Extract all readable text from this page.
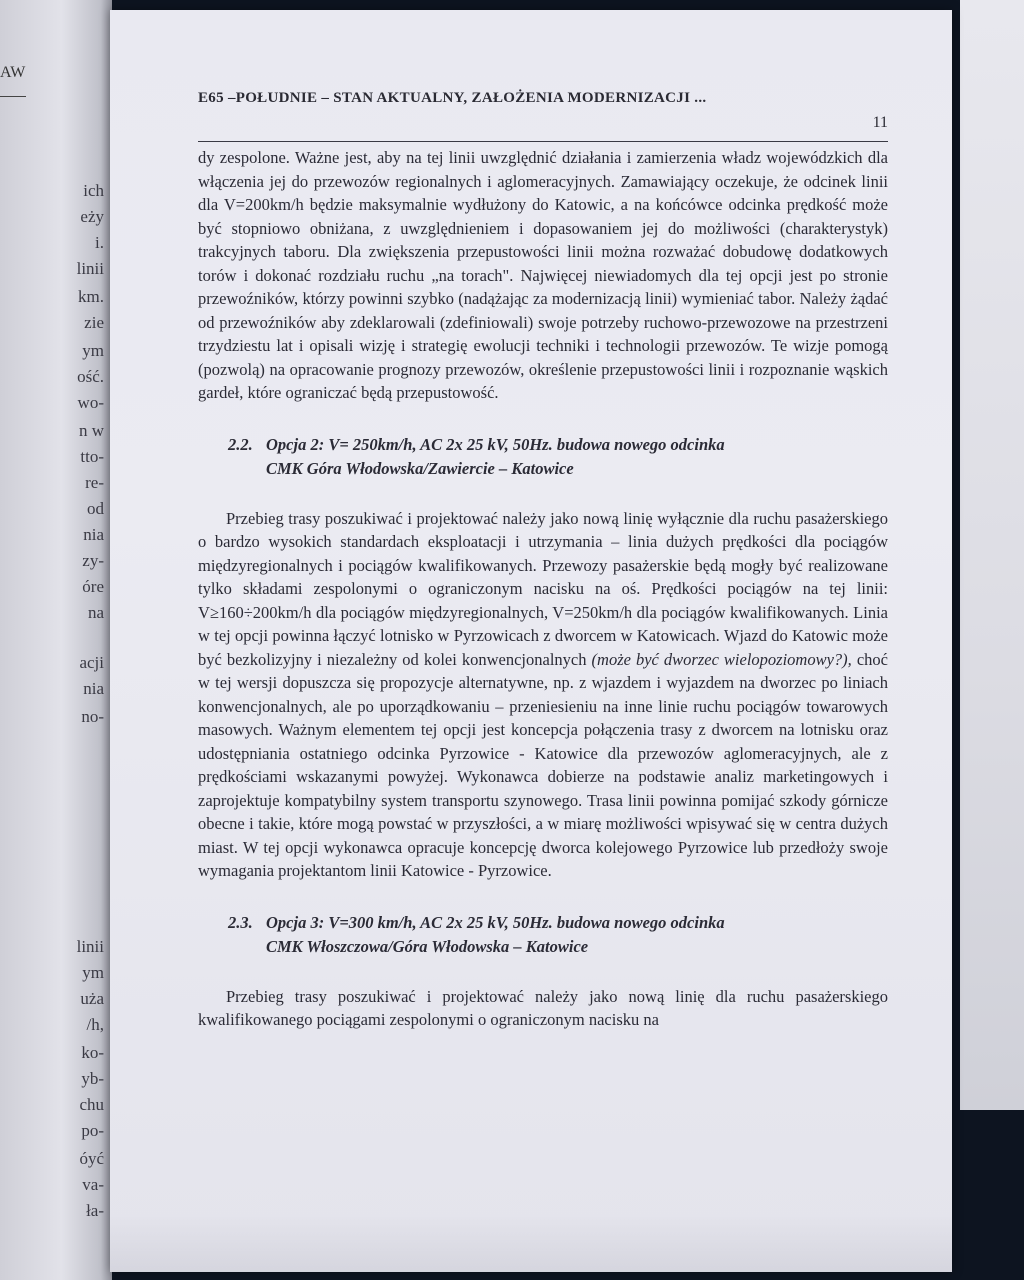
AW
ich
eży
i.
linii
km.
zie
ym
ość.
wo-
n w
tto-
re-
od
nia
zy-
óre
na
acji
nia
no-
linii
ym
uża
/h,
ko-
yb-
chu
po-
óyć
va-
ła-
E65 –POŁUDNIE – STAN AKTUALNY, ZAŁOŻENIA MODERNIZACJI ...
11

dy zespolone. Ważne jest, aby na tej linii uwzględnić działania i zamierzenia władz wojewódzkich dla włączenia jej do przewozów regionalnych i aglomeracyjnych. Zamawiający oczekuje, że odcinek linii dla V=200km/h będzie maksymalnie wydłużony do Katowic, a na końcówce odcinka prędkość może być stopniowo obniżana, z uwzględnieniem i dopasowaniem jej do możliwości (charakterystyk) trakcyjnych taboru. Dla zwiększenia przepustowości linii można rozważać dobudowę dodatkowych torów i dokonać rozdziału ruchu „na torach". Najwięcej niewiadomych dla tej opcji jest po stronie przewoźników, którzy powinni szybko (nadążając za modernizacją linii) wymieniać tabor. Należy żądać od przewoźników aby zdeklarowali (zdefiniowali) swoje potrzeby ruchowo-przewozowe na przestrzeni trzydziestu lat i opisali wizję i strategię ewolucji techniki i technologii przewozów. Te wizje pomogą (pozwolą) na opracowanie prognozy przewozów, określenie przepustowości linii i rozpoznanie wąskich gardeł, które ograniczać będą przepustowość.

2.2. Opcja 2: V= 250km/h, AC 2x 25 kV, 50Hz. budowa nowego odcinka
CMK Góra Włodowska/Zawiercie – Katowice

Przebieg trasy poszukiwać i projektować należy jako nową linię wyłącznie dla ruchu pasażerskiego o bardzo wysokich standardach eksploatacji i utrzymania – linia dużych prędkości dla pociągów międzyregionalnych i pociągów kwalifikowanych. Przewozy pasażerskie będą mogły być realizowane tylko składami zespolonymi o ograniczonym nacisku na oś. Prędkości pociągów na tej linii: V≥160÷200km/h dla pociągów międzyregionalnych, V=250km/h dla pociągów kwalifikowanych. Linia w tej opcji powinna łączyć lotnisko w Pyrzowicach z dworcem w Katowicach. Wjazd do Katowic może być bezkolizyjny i niezależny od kolei konwencjonalnych (może być dworzec wielopoziomowy?), choć w tej wersji dopuszcza się propozycje alternatywne, np. z wjazdem i wyjazdem na dworzec po liniach konwencjonalnych, ale po uporządkowaniu – przeniesieniu na inne linie ruchu pociągów towarowych masowych. Ważnym elementem tej opcji jest koncepcja połączenia trasy z dworcem na lotnisku oraz udostępniania ostatniego odcinka Pyrzowice - Katowice dla przewozów aglomeracyjnych, ale z prędkościami wskazanymi powyżej. Wykonawca dobierze na podstawie analiz marketingowych i zaprojektuje kompatybilny system transportu szynowego. Trasa linii powinna pomijać szkody górnicze obecne i takie, które mogą powstać w przyszłości, a w miarę możliwości wpisywać się w centra dużych miast. W tej opcji wykonawca opracuje koncepcję dworca kolejowego Pyrzowice lub przedłoży swoje wymagania projektantom linii Katowice - Pyrzowice.

2.3. Opcja 3: V=300 km/h, AC 2x 25 kV, 50Hz. budowa nowego odcinka
CMK Włoszczowa/Góra Włodowska – Katowice

Przebieg trasy poszukiwać i projektować należy jako nową linię dla ruchu pasażerskiego kwalifikowanego pociągami zespolonymi o ograniczonym nacisku na
